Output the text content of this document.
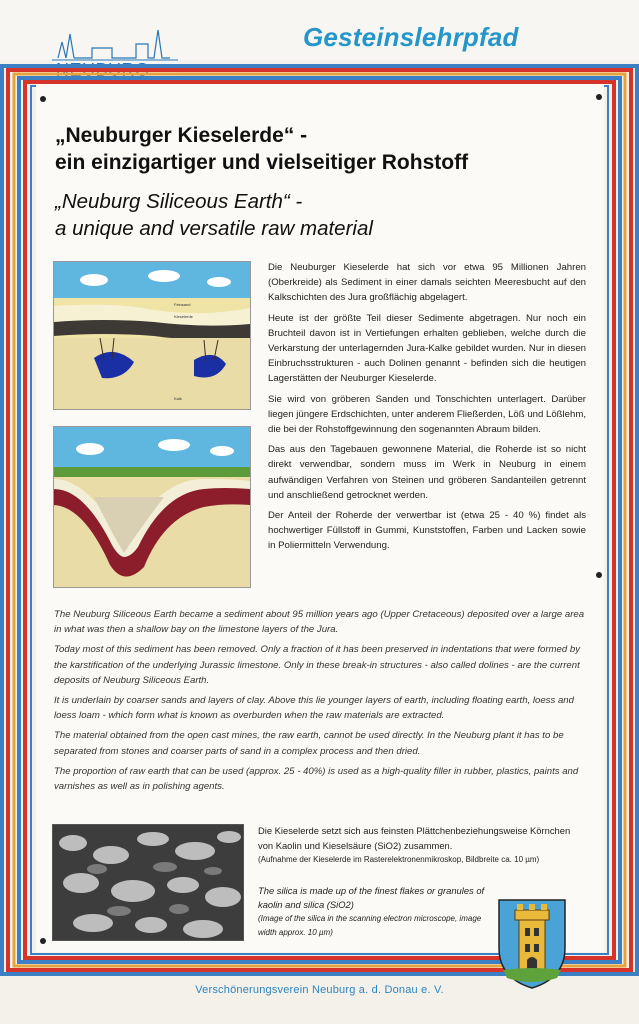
Gesteinslehrpfad
NEUBURG
„Neuburger Kieselerde“ -
ein einzigartiger und vielseitiger Rohstoff
„Neuburg Siliceous Earth“ -
a unique and versatile raw material
Feinsand
Kieselerde
Kalk

Die Neuburger Kieselerde hat sich vor etwa 95 Millionen Jahren (Oberkreide) als Sediment in einer damals seichten Meeresbucht auf den Kalkschichten des Jura großflächig abgelagert.

Heute ist der größte Teil dieser Sedimente abgetragen. Nur noch ein Bruchteil davon ist in Vertiefungen erhalten geblieben, welche durch die Verkarstung der unterlagernden Jura-Kalke gebildet wurden. Nur in diesen Einbruchsstrukturen - auch Dolinen genannt - befinden sich die heutigen Lagerstätten der Neuburger Kieselerde.

Sie wird von gröberen Sanden und Tonschichten unterlagert. Darüber liegen jüngere Erdschichten, unter anderem Fließerden, Löß und Lößlehm, die bei der Rohstoffgewinnung den sogenannten Abraum bilden.

Das aus den Tagebauen gewonnene Material, die Roherde ist so nicht direkt verwendbar, sondern muss im Werk in Neuburg in einem aufwändigen Verfahren von Steinen und gröberen Sandanteilen getrennt und anschließend getrocknet werden.

Der Anteil der Roherde der verwertbar ist (etwa 25 - 40 %) findet als hochwertiger Füllstoff in Gummi, Kunststoffen, Farben und Lacken sowie in Poliermitteln Verwendung.

The Neuburg Siliceous Earth became a sediment about 95 million years ago (Upper Cretaceous) deposited over a large area in what was then a shallow bay on the limestone layers of the Jura.

Today most of this sediment has been removed. Only a fraction of it has been preserved in indentations that were formed by the karstification of the underlying Jurassic limestone. Only in these break-in structures - also called dolines - are the current deposits of Neuburg Siliceous Earth.

It is underlain by coarser sands and layers of clay. Above this lie younger layers of earth, including floating earth, loess and loess loam - which form what is known as overburden when the raw materials are extracted.

The material obtained from the open cast mines, the raw earth, cannot be used directly. In the Neuburg plant it has to be separated from stones and coarser parts of sand in a complex process and then dried.

The proportion of raw earth that can be used (approx. 25 - 40%) is used as a high-quality filler in rubber, plastics, paints and varnishes as well as in polishing agents.

Die Kieselerde setzt sich aus feinsten Plättchenbeziehungsweise Körnchen von Kaolin und Kieselsäure (SiO2) zusammen.
(Aufnahme der Kieselerde im Rasterelektronenmikroskop, Bildbreite ca. 10 µm)
The silica is made up of the finest flakes or granules of kaolin and silica (SiO2)
(Image of the silica in the scanning electron microscope, image width approx. 10 µm)
Verschönerungsverein Neuburg a. d. Donau e. V.
